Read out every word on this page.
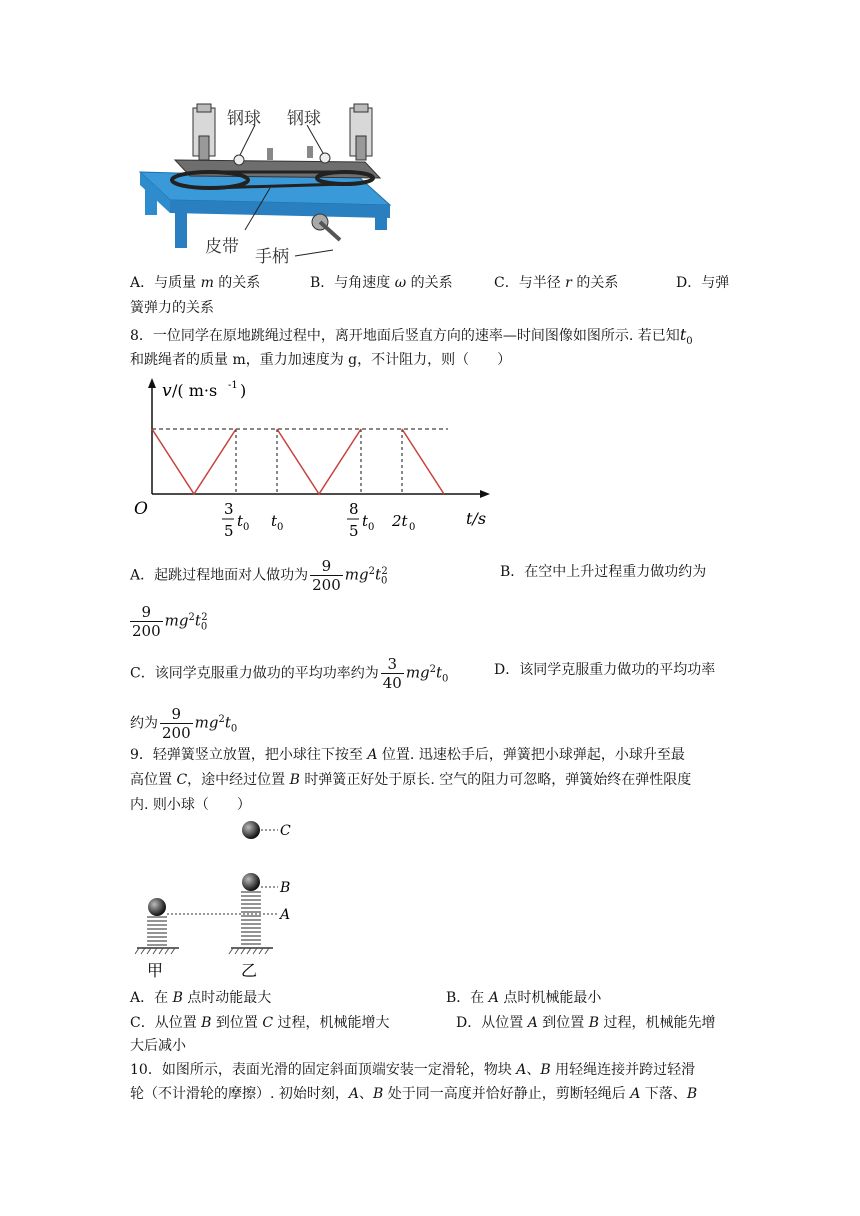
钢球 钢球
皮带 手柄
A．与质量 m 的关系	B．与角速度 ω 的关系	C．与半径 r 的关系	D．与弹
簧弹力的关系
8．一位同学在原地跳绳过程中，离开地面后竖直方向的速率—时间图像如图所示. 若已知$t_0$
和跳绳者的质量 m，重力加速度为 g，不计阻力，则（　　）
v /( m·s -1 )
O	t/s
3
5
t 0 t 0
8
5
t 0 2t 0
A．起跳过程地面对人做功为 $\frac{9}{200} mg^2t_0^2$	B．在空中上升过程重力做功约为
$\frac{9}{200} mg^2t_0^2$
C．该同学克服重力做功的平均功率约为 $\frac{3}{40} mg^2t_0$
D．该同学克服重力做功的平均功率
约为 $\frac{9}{200} mg^2t_0$
9．轻弹簧竖立放置，把小球往下按至 A 位置. 迅速松手后，弹簧把小球弹起，小球升至最
高位置 C，途中经过位置 B 时弹簧正好处于原长. 空气的阻力可忽略，弹簧始终在弹性限度
内. 则小球（　　）
C
B
A
甲	乙
A．在 B 点时动能最大	B．在 A 点时机械能最小
C．从位置 B 到位置 C 过程，机械能增大	D．从位置 A 到位置 B 过程，机械能先增
大后减小
10．如图所示，表面光滑的固定斜面顶端安装一定滑轮，物块 A、B 用轻绳连接并跨过轻滑
轮（不计滑轮的摩擦）. 初始时刻，A、B 处于同一高度并恰好静止，剪断轻绳后 A 下落、B
